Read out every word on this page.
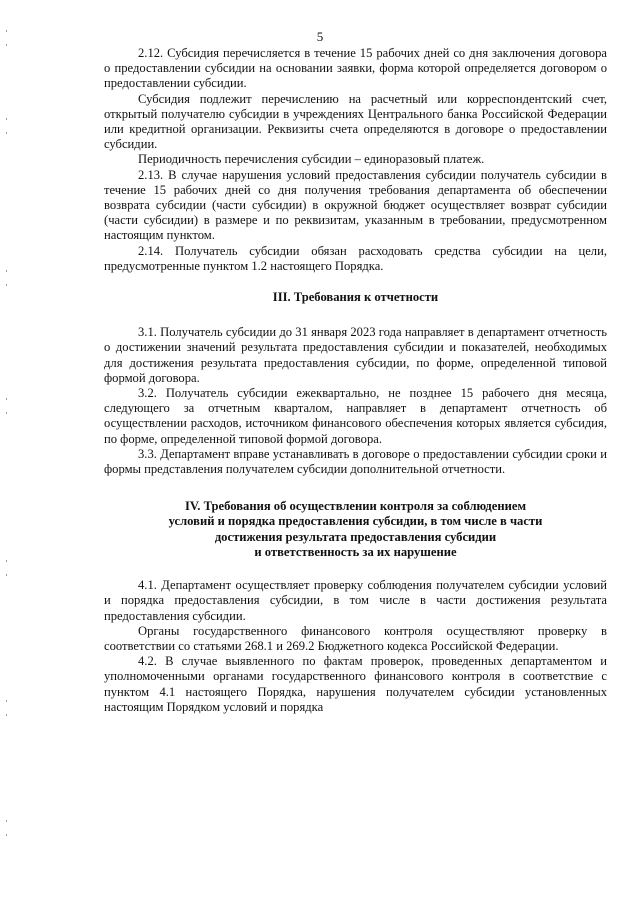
5

2.12. Субсидия перечисляется в течение 15 рабочих дней со дня заключения договора о предоставлении субсидии на основании заявки, форма которой определяется договором о предоставлении субсидии.

Субсидия подлежит перечислению на расчетный или корреспондентский счет, открытый получателю субсидии в учреждениях Центрального банка Российской Федерации или кредитной организации. Реквизиты счета определяются в договоре о предоставлении субсидии.

Периодичность перечисления субсидии – единоразовый платеж.

2.13. В случае нарушения условий предоставления субсидии получатель субсидии в течение 15 рабочих дней со дня получения требования департамента об обеспечении возврата субсидии (части субсидии) в окружной бюджет осуществляет возврат субсидии (части субсидии) в размере и по реквизитам, указанным в требовании, предусмотренном настоящим пунктом.

2.14. Получатель субсидии обязан расходовать средства субсидии на цели, предусмотренные пунктом 1.2 настоящего Порядка.

III. Требования к отчетности

3.1. Получатель субсидии до 31 января 2023 года направляет в департамент отчетность о достижении значений результата предоставления субсидии и показателей, необходимых для достижения результата предоставления субсидии, по форме, определенной типовой формой договора.

3.2. Получатель субсидии ежеквартально, не позднее 15 рабочего дня месяца, следующего за отчетным кварталом, направляет в департамент отчетность об осуществлении расходов, источником финансового обеспечения которых является субсидия, по форме, определенной типовой формой договора.

3.3. Департамент вправе устанавливать в договоре о предоставлении субсидии сроки и формы представления получателем субсидии дополнительной отчетности.

IV. Требования об осуществлении контроля за соблюдением

условий и порядка предоставления субсидии, в том числе в части

достижения результата предоставления субсидии

и ответственность за их нарушение

4.1. Департамент осуществляет проверку соблюдения получателем субсидии условий и порядка предоставления субсидии, в том числе в части достижения результата предоставления субсидии.

Органы государственного финансового контроля осуществляют проверку в соответствии со статьями 268.1 и 269.2 Бюджетного кодекса Российской Федерации.

4.2. В случае выявленного по фактам проверок, проведенных департаментом и уполномоченными органами государственного финансового контроля в соответствие с пунктом 4.1 настоящего Порядка, нарушения получателем субсидии установленных настоящим Порядком условий и порядка
